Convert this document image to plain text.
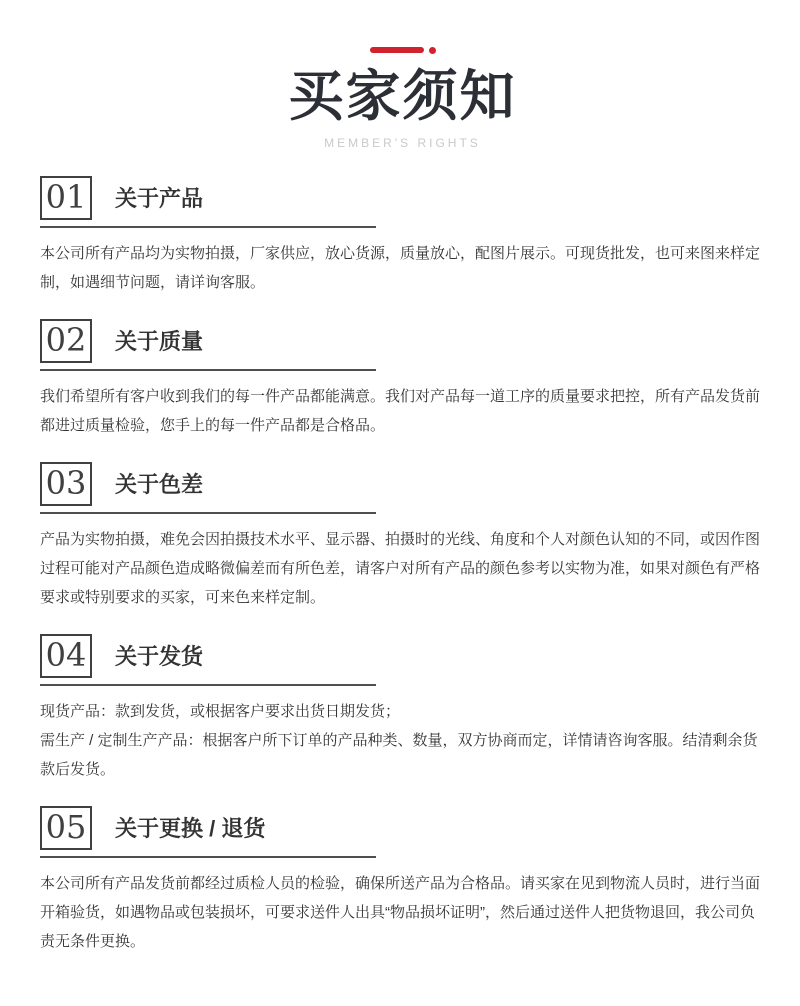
买家须知
MEMBER'S RIGHTS
01 关于产品

本公司所有产品均为实物拍摄，厂家供应，放心货源，质量放心，配图片展示。可现货批发，也可来图来样定制，如遇细节问题，请详询客服。

02 关于质量

我们希望所有客户收到我们的每一件产品都能满意。我们对产品每一道工序的质量要求把控，所有产品发货前都进过质量检验，您手上的每一件产品都是合格品。

03 关于色差

产品为实物拍摄，难免会因拍摄技术水平、显示器、拍摄时的光线、角度和个人对颜色认知的不同，或因作图过程可能对产品颜色造成略微偏差而有所色差，请客户对所有产品的颜色参考以实物为准，如果对颜色有严格要求或特别要求的买家，可来色来样定制。

04 关于发货

现货产品：款到发货，或根据客户要求出货日期发货；

需生产 / 定制生产产品：根据客户所下订单的产品种类、数量，双方协商而定，详情请咨询客服。结清剩余货款后发货。

05 关于更换 / 退货

本公司所有产品发货前都经过质检人员的检验，确保所送产品为合格品。请买家在见到物流人员时，进行当面开箱验货，如遇物品或包装损坏，可要求送件人出具“物品损坏证明”，然后通过送件人把货物退回，我公司负责无条件更换。
